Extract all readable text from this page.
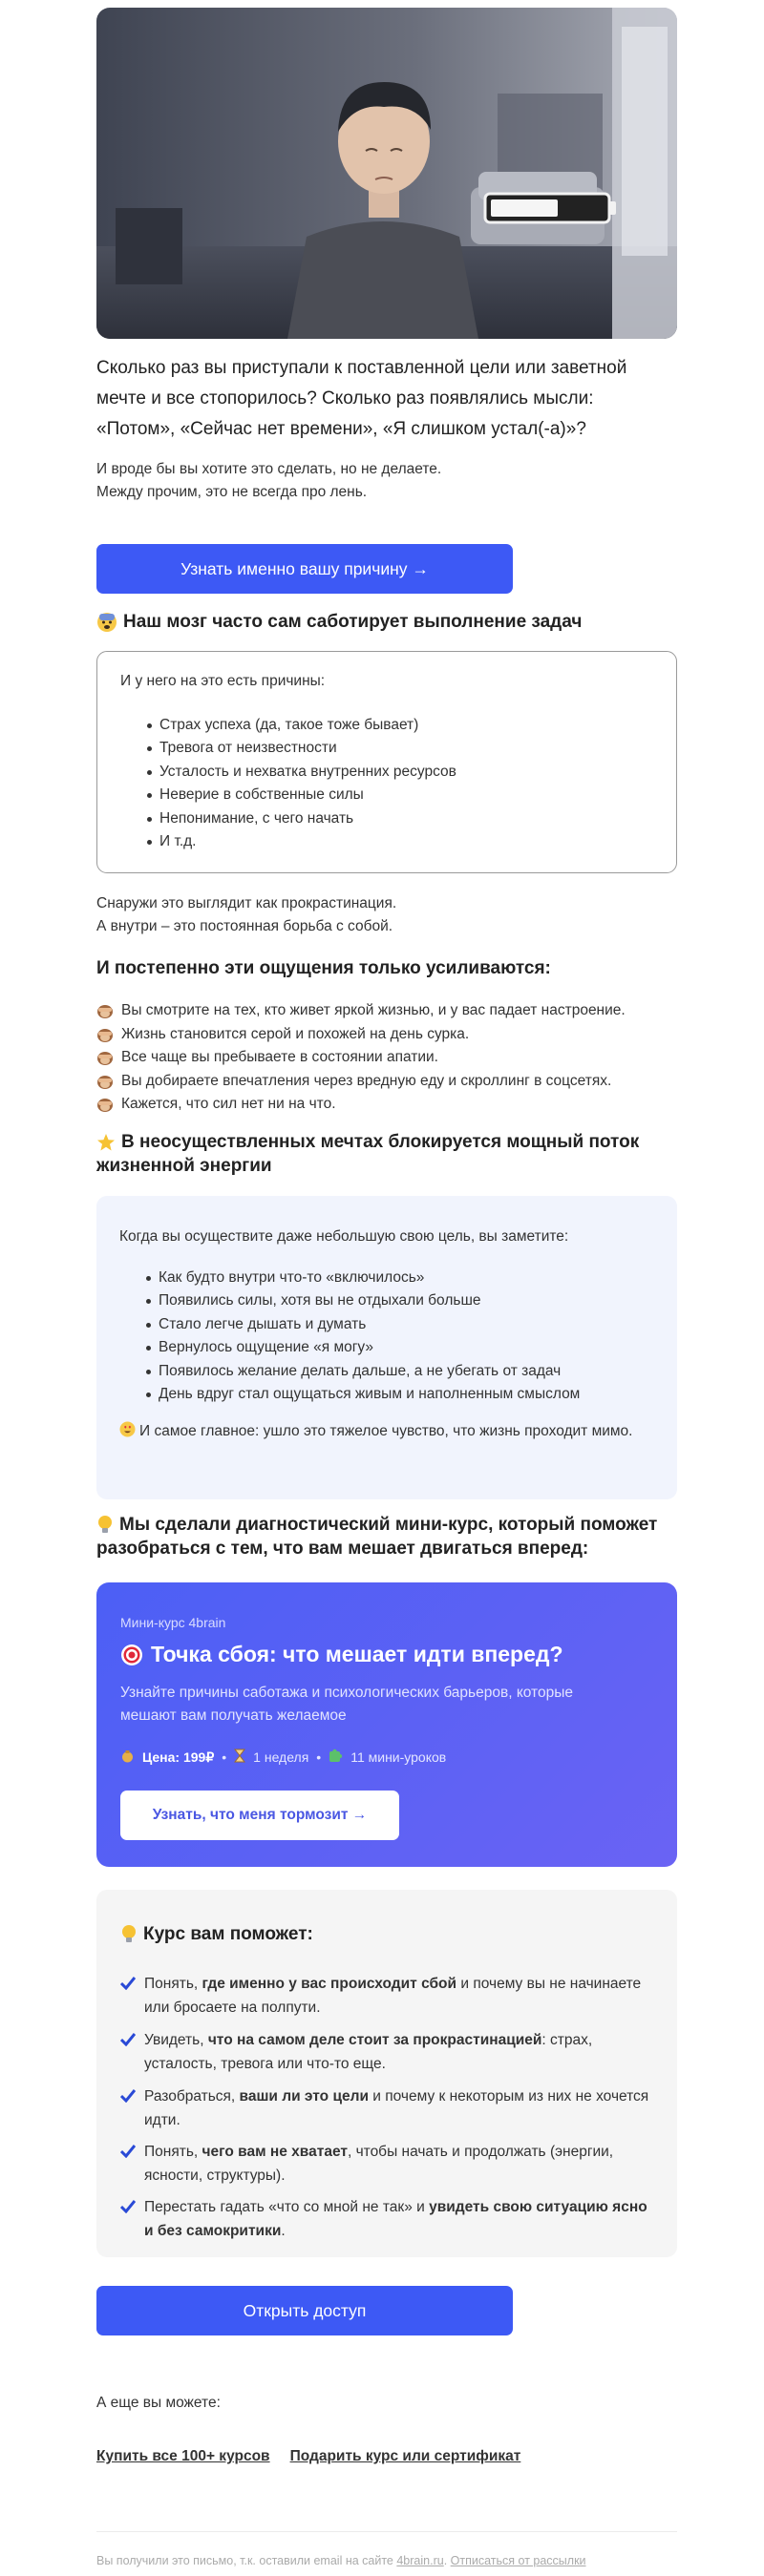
Сколько раз вы приступали к поставленной цели или заветной мечте и все стопорилось? Сколько раз появлялись мысли: «Потом», «Сейчас нет времени», «Я слишком устал(-а)»?
И вроде бы вы хотите это сделать, но не делаете.
Между прочим, это не всегда про лень.
Узнать именно вашу причину →
Наш мозг часто сам саботирует выполнение задач
И у него на это есть причины:
Страх успеха (да, такое тоже бывает)
Тревога от неизвестности
Усталость и нехватка внутренних ресурсов
Неверие в собственные силы
Непонимание, с чего начать
И т.д.
Снаружи это выглядит как прокрастинация.
А внутри – это постоянная борьба с собой.
И постепенно эти ощущения только усиливаются:
Вы смотрите на тех, кто живет яркой жизнью, и у вас падает настроение.
Жизнь становится серой и похожей на день сурка.
Все чаще вы пребываете в состоянии апатии.
Вы добираете впечатления через вредную еду и скроллинг в соцсетях.
Кажется, что сил нет ни на что.
В неосуществленных мечтах блокируется мощный поток
жизненной энергии
Когда вы осуществите даже небольшую свою цель, вы заметите:
Как будто внутри что-то «включилось»
Появились силы, хотя вы не отдыхали больше
Стало легче дышать и думать
Вернулось ощущение «я могу»
Появилось желание делать дальше, а не убегать от задач
День вдруг стал ощущаться живым и наполненным смыслом
И самое главное: ушло это тяжелое чувство, что жизнь проходит мимо.
Мы сделали диагностический мини-курс, который поможет
разобраться с тем, что вам мешает двигаться вперед:
Мини-курс 4brain
Точка сбоя: что мешает идти вперед?
Узнайте причины саботажа и психологических барьеров, которые мешают вам получать желаемое
Цена: 199₽ • 1 неделя • 11 мини-уроков
Узнать, что меня тормозит →
Курс вам поможет:
Понять, где именно у вас происходит сбой и почему вы не начинаете или бросаете на полпути.
Увидеть, что на самом деле стоит за прокрастинацией: страх, усталость, тревога или что-то еще.
Разобраться, ваши ли это цели и почему к некоторым из них не хочется идти.
Понять, чего вам не хватает, чтобы начать и продолжать (энергии, ясности, структуры).
Перестать гадать «что со мной не так» и увидеть свою ситуацию ясно и без самокритики.
Открыть доступ
А еще вы можете:
Купить все 100+ курсов Подарить курс или сертификат
Вы получили это письмо, т.к. оставили email на сайте 4brain.ru. Отписаться от рассылки
